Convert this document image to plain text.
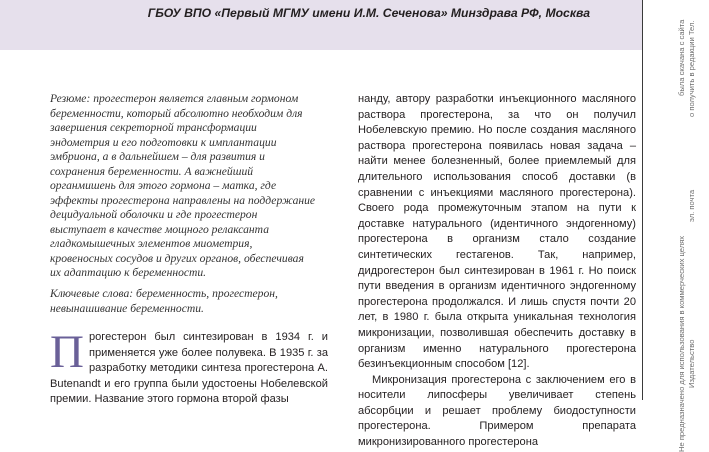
ГБОУ ВПО «Первый МГМУ имени И.М. Сеченова» Минздрава РФ, Москва
Не предназначено для использования в коммерческих целях
была скачана с сайта
Издательство
эл. почта
о получить в редакции Тел.

Резюме: прогестерон является главным гормоном беременности, который абсолютно необходим для завершения секреторной трансформации эндометрия и его подготовки к имплантации эмбриона, а в дальнейшем – для развития и сохранения беременности. А важнейший органмишень для этого гормона – матка, где эффекты прогестерона направлены на поддержание децидуальной оболочки и где прогестерон выступает в качестве мощного релаксанта гладкомышечных элементов миометрия, кровеносных сосудов и других органов, обеспечивая их адаптацию к беременности.

Ключевые слова: беременность, прогестерон, невынашивание беременности.

П рогестерон был синтезирован в 1934 г. и применяется уже более полувека. В 1935 г. за разработку методики синтеза прогестерона A. Butenandt и его группа были удостоены Нобелевской премии. Название этого гормона второй фазы

нанду, автору разработки инъекционного масляного раствора прогестерона, за что он получил Нобелевскую премию. Но после создания масляного раствора прогестерона появилась новая задача – найти менее болезненный, более приемлемый для длительного использования способ доставки (в сравнении с инъекциями масляного прогестерона). Своего рода промежуточным этапом на пути к доставке натурального (идентичного эндогенному) прогестерона в организм стало создание синтетических гестагенов. Так, например, дидрогестерон был синтезирован в 1961 г. Но поиск пути введения в организм идентичного эндогенному прогестерона продолжался. И лишь спустя почти 20 лет, в 1980 г. была открыта уникальная технология микронизации, позволившая обеспечить доставку в организм именно натурального прогестерона безинъекционным способом [12].

Микронизация прогестерона с заключением его в носители липосферы увеличивает степень абсорбции и решает проблему биодоступности прогестерона. Примером препарата микронизированного прогестерона
